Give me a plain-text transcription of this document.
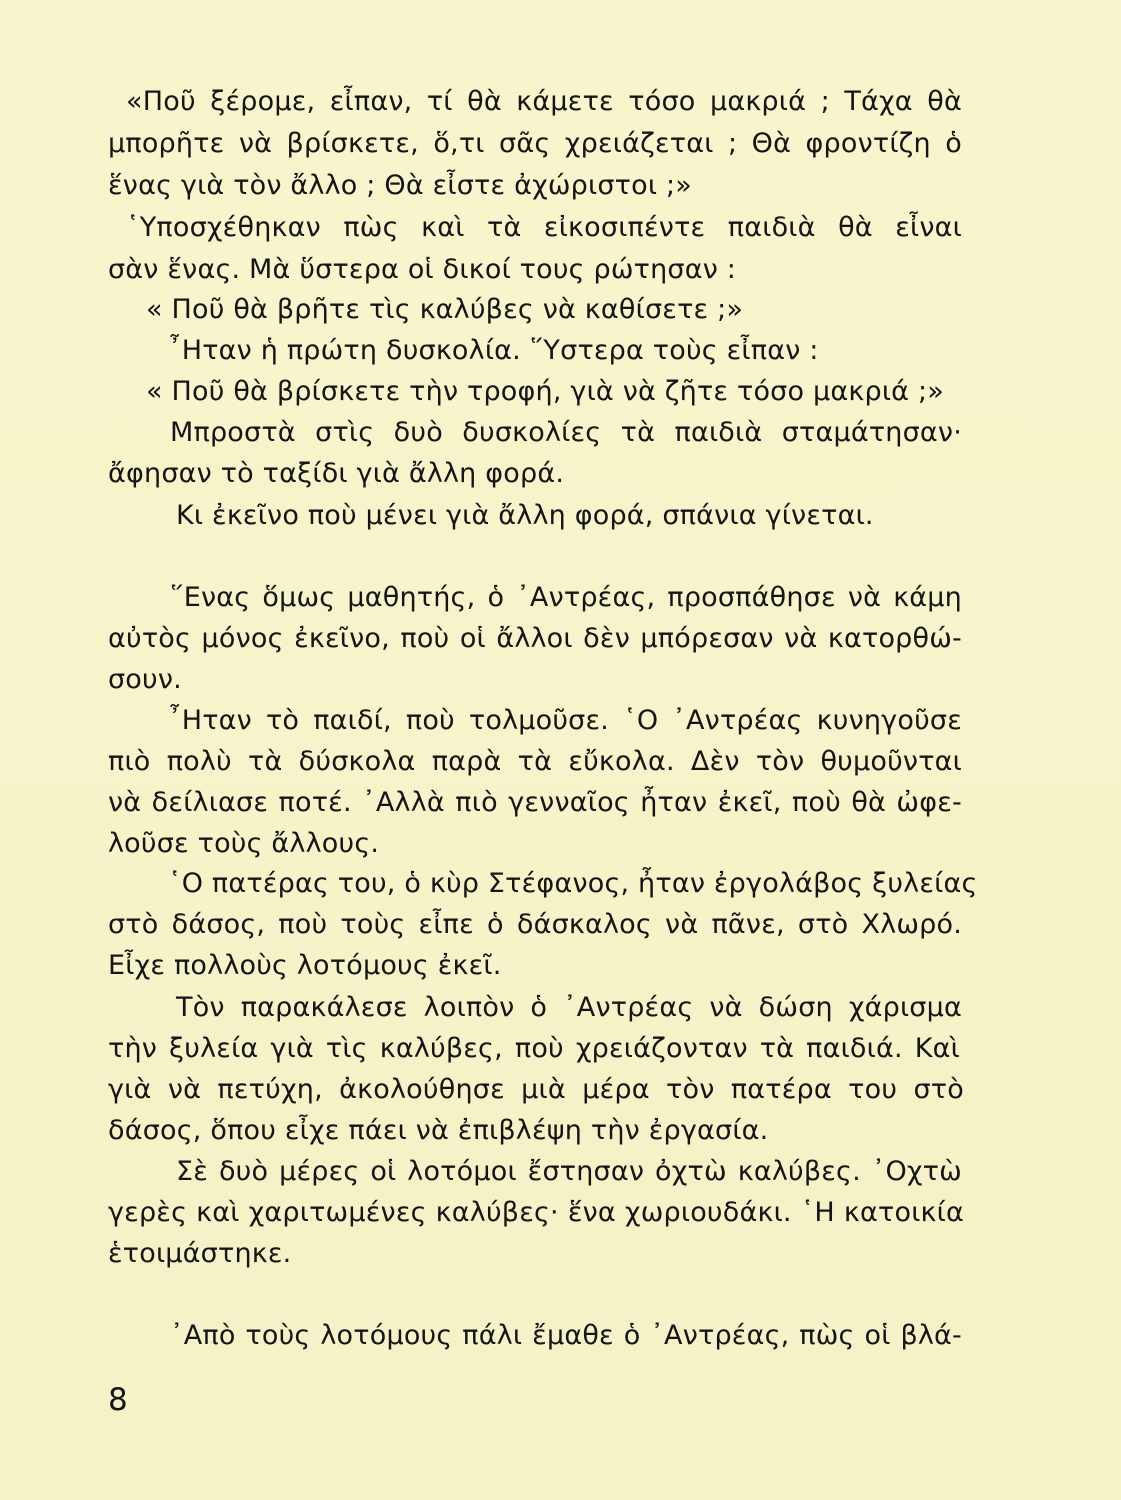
«Ποῦ ξέρομε, εἶπαν, τί θὰ κάμετε τόσο μακριά ; Τάχα θὰ
μπορῆτε νὰ βρίσκετε, ὅ,τι σᾶς χρειάζεται ; Θὰ φροντίζη ὁ
ἕνας γιὰ τὸν ἄλλο ; Θὰ εἶστε ἀχώριστοι ;»
῾Υποσχέθηκαν πὼς καὶ τὰ εἰκοσιπέντε παιδιὰ θὰ εἶναι
σὰν ἕνας. Μὰ ὕστερα οἱ δικοί τους ρώτησαν :
« Ποῦ θὰ βρῆτε τὶς καλύβες νὰ καθίσετε ;»
῏Ηταν ἡ πρώτη δυσκολία. ῞Υστερα τοὺς εἶπαν :
« Ποῦ θὰ βρίσκετε τὴν τροφή, γιὰ νὰ ζῆτε τόσο μακριά ;»
Μπροστὰ στὶς δυὸ δυσκολίες τὰ παιδιὰ σταμάτησαν·
ἄφησαν τὸ ταξίδι γιὰ ἄλλη φορά.
Κι ἐκεῖνο ποὺ μένει γιὰ ἄλλη φορά, σπάνια γίνεται.
῞Ενας ὅμως μαθητής, ὁ ᾿Αντρέας, προσπάθησε νὰ κάμη
αὐτὸς μόνος ἐκεῖνο, ποὺ οἱ ἄλλοι δὲν μπόρεσαν νὰ κατορθώ-
σουν.
῏Ηταν τὸ παιδί, ποὺ τολμοῦσε. ῾Ο ᾿Αντρέας κυνηγοῦσε
πιὸ πολὺ τὰ δύσκολα παρὰ τὰ εὔκολα. Δὲν τὸν θυμοῦνται
νὰ δείλιασε ποτέ. ᾿Αλλὰ πιὸ γενναῖος ἦταν ἐκεῖ, ποὺ θὰ ὠφε-
λοῦσε τοὺς ἄλλους.
῾Ο πατέρας του, ὁ κὺρ Στέφανος, ἦταν ἐργολάβος ξυλείας
στὸ δάσος, ποὺ τοὺς εἶπε ὁ δάσκαλος νὰ πᾶνε, στὸ Χλωρό.
Εἶχε πολλοὺς λοτόμους ἐκεῖ.
Τὸν παρακάλεσε λοιπὸν ὁ ᾿Αντρέας νὰ δώση χάρισμα
τὴν ξυλεία γιὰ τὶς καλύβες, ποὺ χρειάζονταν τὰ παιδιά. Καὶ
γιὰ νὰ πετύχη, ἀκολούθησε μιὰ μέρα τὸν πατέρα του στὸ
δάσος, ὅπου εἶχε πάει νὰ ἐπιβλέψη τὴν ἐργασία.
Σὲ δυὸ μέρες οἱ λοτόμοι ἔστησαν ὀχτὼ καλύβες. ᾿Οχτὼ
γερὲς καὶ χαριτωμένες καλύβες· ἕνα χωριουδάκι. ῾Η κατοικία
ἑτοιμάστηκε.
᾿Απὸ τοὺς λοτόμους πάλι ἔμαθε ὁ ᾿Αντρέας, πὼς οἱ βλά-
8
